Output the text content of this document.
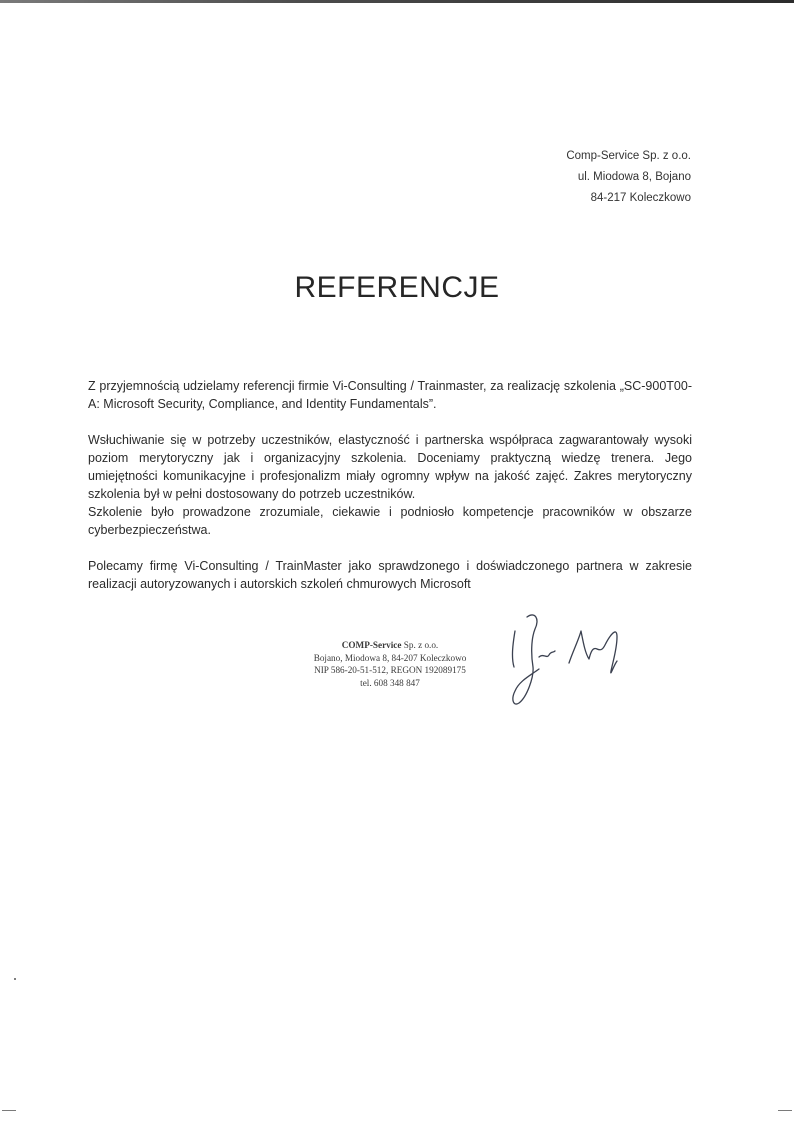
Comp-Service Sp. z o.o.
ul. Miodowa 8, Bojano
84-217 Koleczkowo
REFERENCJE

Z przyjemnością udzielamy referencji firmie Vi-Consulting / Trainmaster, za realizację szkolenia „SC-900T00-A: Microsoft Security, Compliance, and Identity Fundamentals”.

Wsłuchiwanie się w potrzeby uczestników, elastyczność i partnerska współpraca zagwarantowały wysoki poziom merytoryczny jak i organizacyjny szkolenia. Doceniamy praktyczną wiedzę trenera. Jego umiejętności komunikacyjne i profesjonalizm miały ogromny wpływ na jakość zajęć. Zakres merytoryczny szkolenia był w pełni dostosowany do potrzeb uczestników.

Szkolenie było prowadzone zrozumiale, ciekawie i podniosło kompetencje pracowników w obszarze cyberbezpieczeństwa.

Polecamy firmę Vi-Consulting / TrainMaster jako sprawdzonego i doświadczonego partnera w zakresie realizacji autoryzowanych i autorskich szkoleń chmurowych Microsoft

COMP-Service Sp. z o.o.
Bojano, Miodowa 8, 84-207 Koleczkowo
NIP 586-20-51-512, REGON 192089175
tel. 608 348 847
